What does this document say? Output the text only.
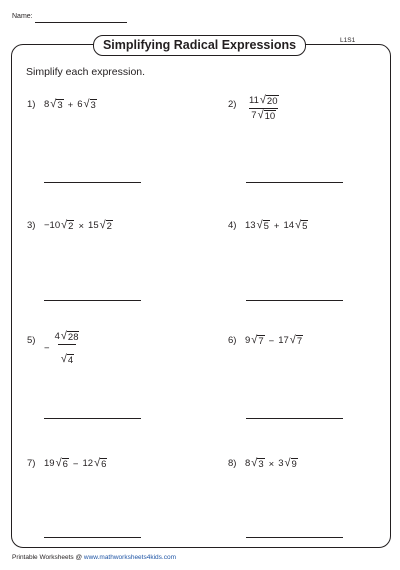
Name:
Simplifying Radical Expressions	L1S1
Simplify each expression.
1) 8 √ 3 + 6 √ 3	$2) \frac{11 √ 20}{7 √ 10}$
3) −10 √ 2 × 15 √ 2	4) 13 √ 5 + 14 √ 5
5)
− $\frac{4 √ 28}{√ 4}$	6) 9 √ 7 − 17 √ 7
7) 19 √ 6 − 12 √ 6	8) 8 √ 3 × 3 √ 9
Printable Worksheets @ www.mathworksheets4kids.com
